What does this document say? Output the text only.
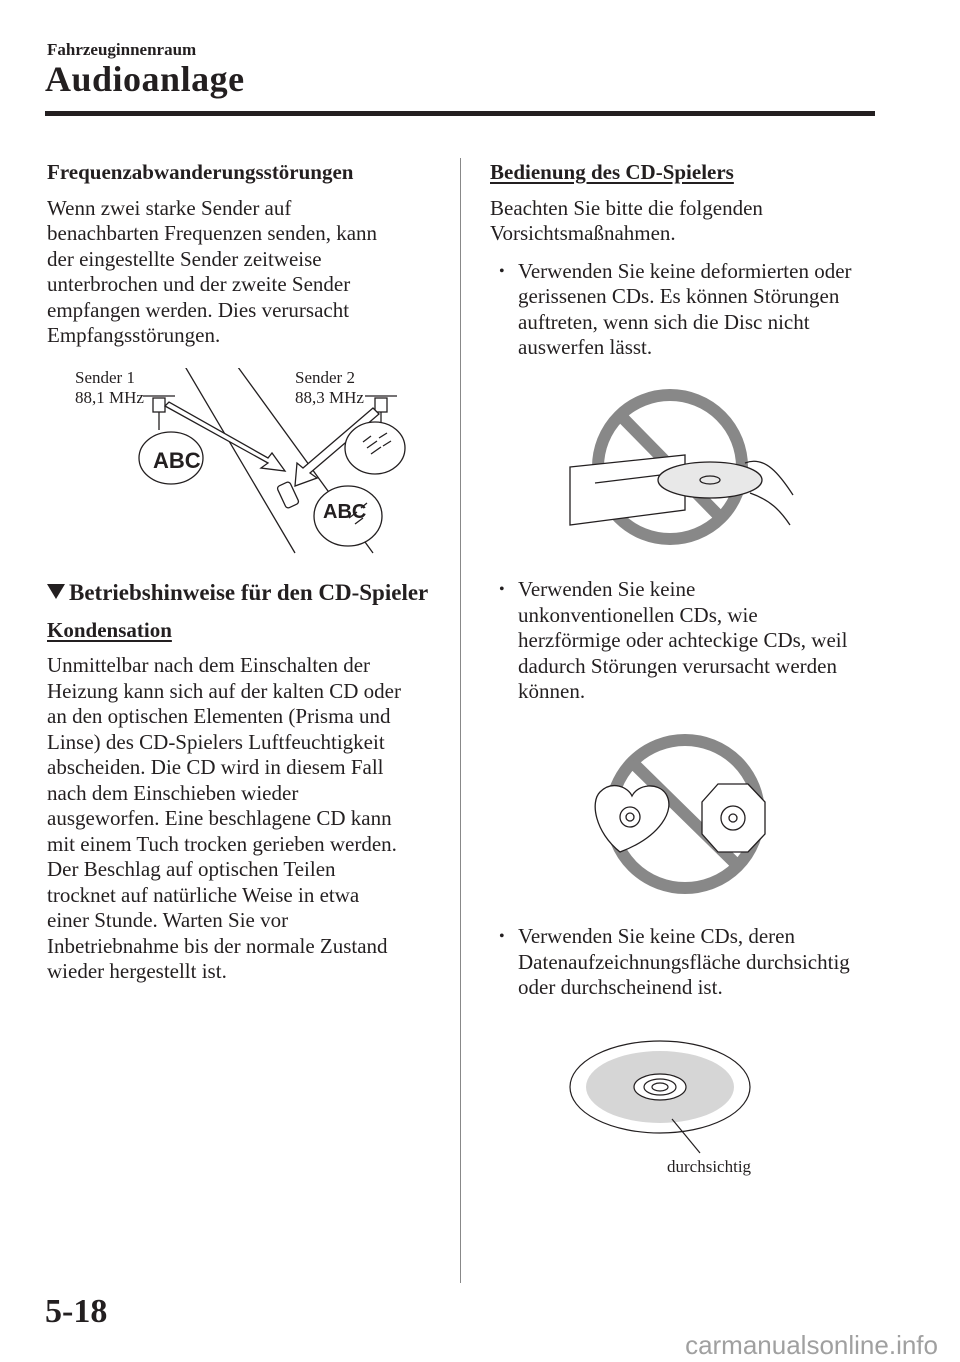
Fahrzeuginnenraum
Audioanlage

Frequenzabwanderungsstörungen

Wenn zwei starke Sender auf

benachbarten Frequenzen senden, kann

der eingestellte Sender zeitweise

unterbrochen und der zweite Sender

empfangen werden. Dies verursacht

Empfangsstörungen.

Sender 1
88,1 MHz
Sender 2
88,3 MHz
ABC
ABC

Betriebshinweise für den CD-Spieler

Kondensation

Unmittelbar nach dem Einschalten der

Heizung kann sich auf der kalten CD oder

an den optischen Elementen (Prisma und

Linse) des CD-Spielers Luftfeuchtigkeit

abscheiden. Die CD wird in diesem Fall

nach dem Einschieben wieder

ausgeworfen. Eine beschlagene CD kann

mit einem Tuch trocken gerieben werden.

Der Beschlag auf optischen Teilen

trocknet auf natürliche Weise in etwa

einer Stunde. Warten Sie vor

Inbetriebnahme bis der normale Zustand

wieder hergestellt ist.

Bedienung des CD-Spielers

Beachten Sie bitte die folgenden

Vorsichtsmaßnahmen.

• Verwenden Sie keine deformierten oder

gerissenen CDs. Es können Störungen

auftreten, wenn sich die Disc nicht

auswerfen lässt.

• Verwenden Sie keine

unkonventionellen CDs, wie

herzförmige oder achteckige CDs, weil

dadurch Störungen verursacht werden

können.

• Verwenden Sie keine CDs, deren

Datenaufzeichnungsfläche durchsichtig

oder durchscheinend ist.

durchsichtig
5-18
carmanualsonline.info
